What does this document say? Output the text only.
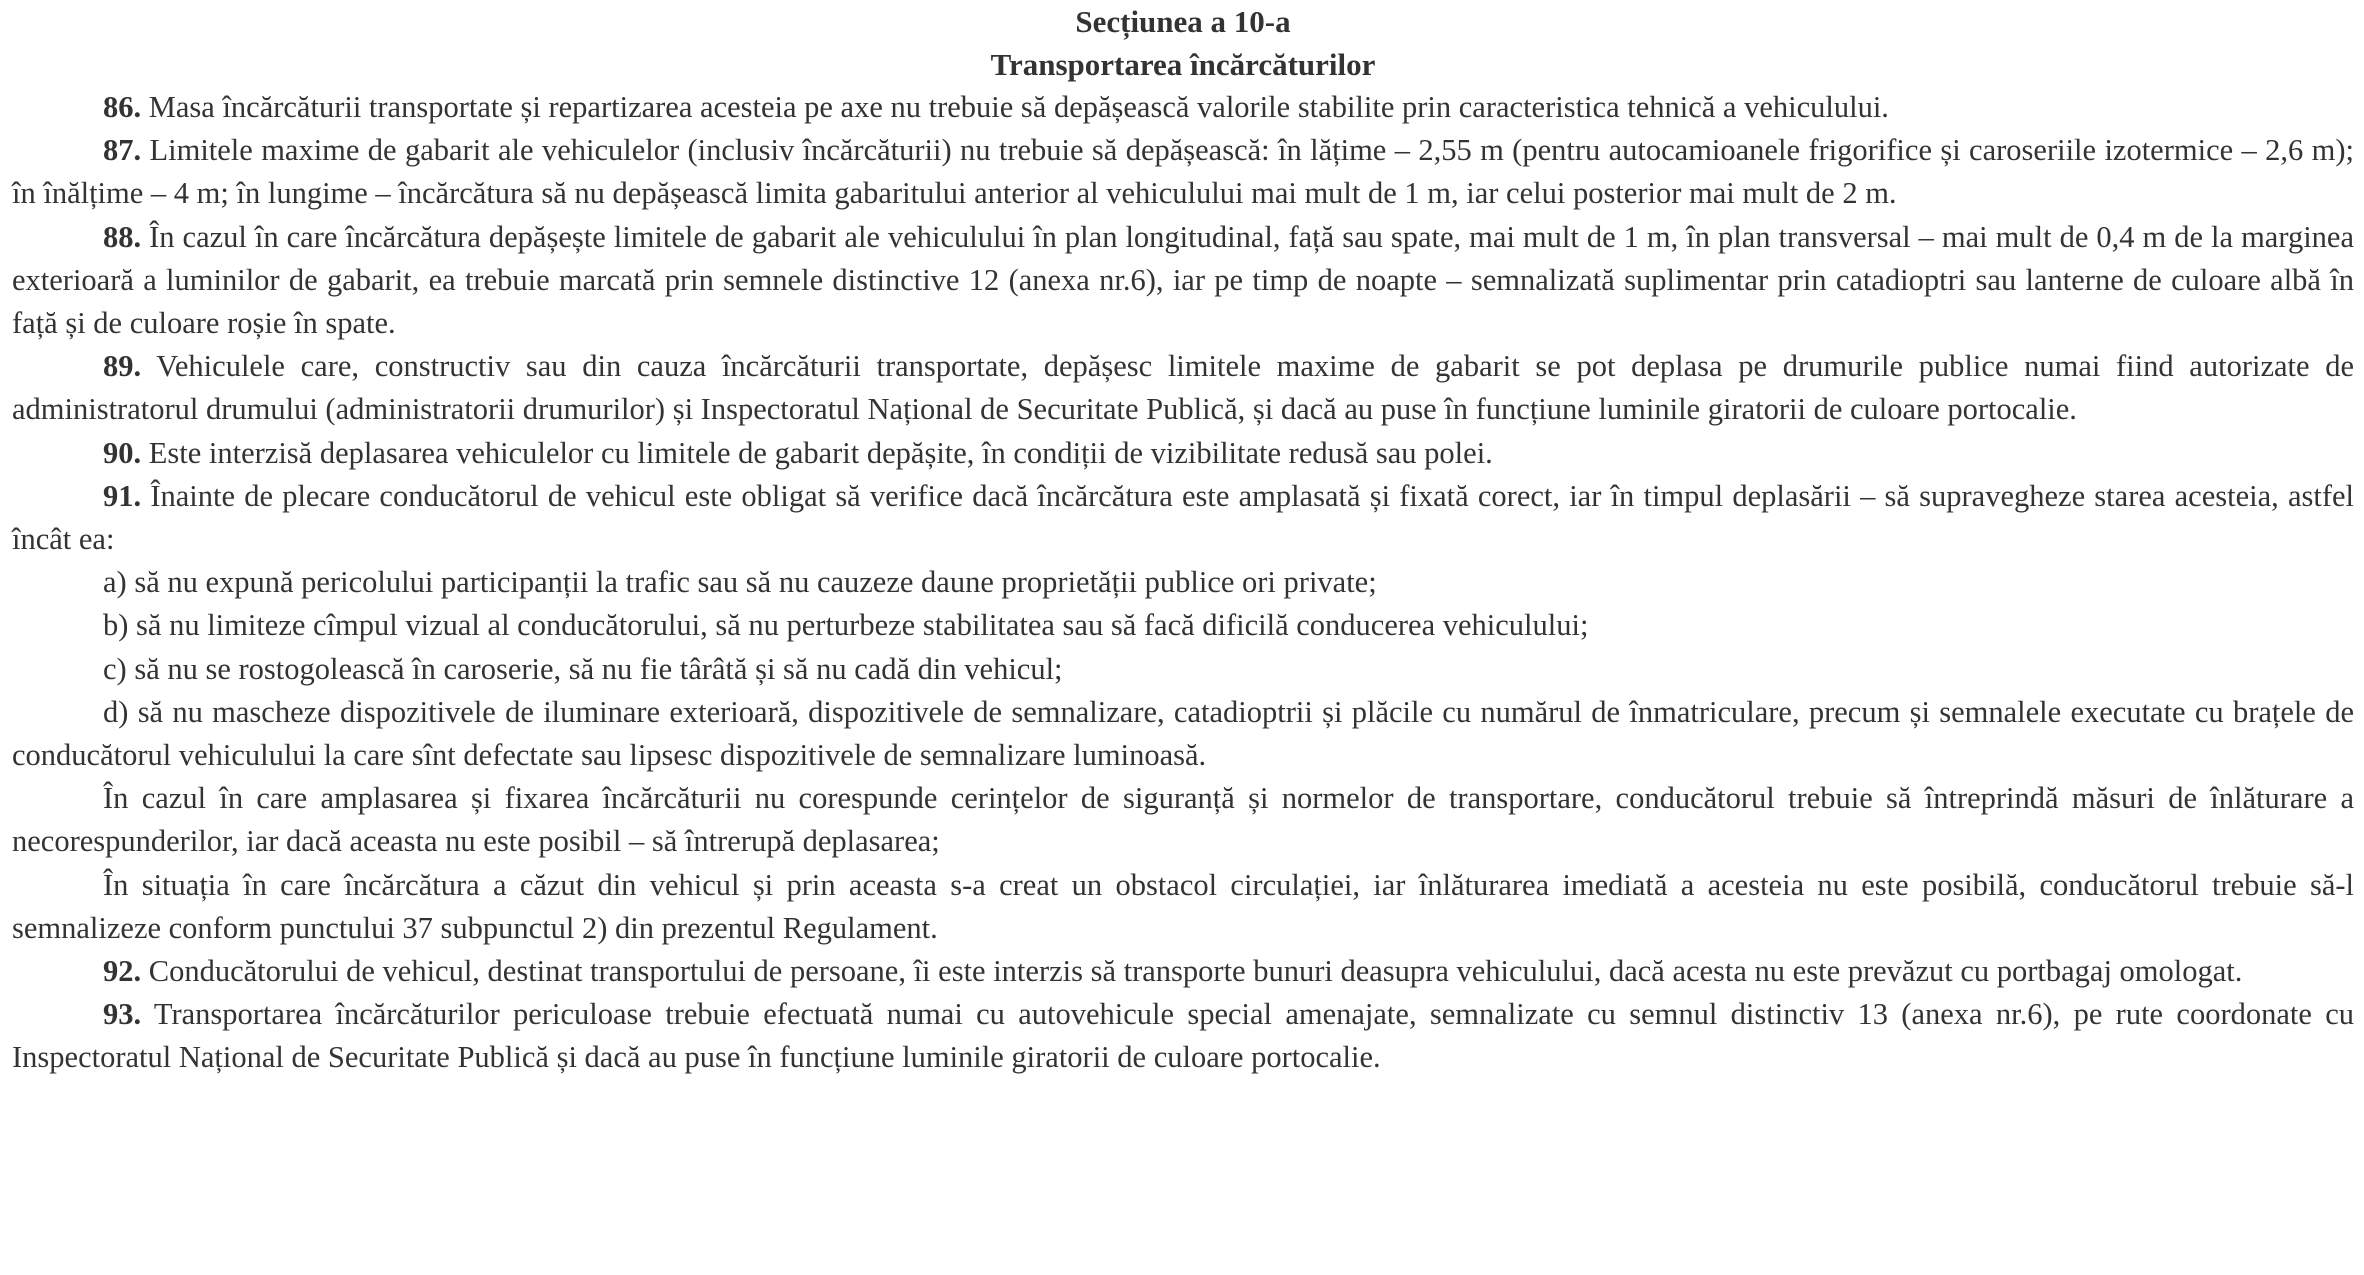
Secțiunea a 10-a
Transportarea încărcăturilor

86. Masa încărcăturii transportate și repartizarea acesteia pe axe nu trebuie să depășească valorile stabilite prin caracteristica tehnică a vehiculului.

87. Limitele maxime de gabarit ale vehiculelor (inclusiv încărcăturii) nu trebuie să depășească: în lățime – 2,55 m (pentru autocamioanele frigorifice și caroseriile izotermice – 2,6 m); în înălțime – 4 m; în lungime – încărcătura să nu depășească limita gabaritului anterior al vehiculului mai mult de 1 m, iar celui posterior mai mult de 2 m.

88. În cazul în care încărcătura depășește limitele de gabarit ale vehiculului în plan longitudinal, față sau spate, mai mult de 1 m, în plan transversal – mai mult de 0,4 m de la marginea exterioară a luminilor de gabarit, ea trebuie marcată prin semnele distinctive 12 (anexa nr.6), iar pe timp de noapte – semnalizată suplimentar prin catadioptri sau lanterne de culoare albă în față și de culoare roșie în spate.

89. Vehiculele care, constructiv sau din cauza încărcăturii transportate, depășesc limitele maxime de gabarit se pot deplasa pe drumurile publice numai fiind autorizate de administratorul drumului (administratorii drumurilor) și Inspectoratul Național de Securitate Publică, și dacă au puse în funcțiune luminile giratorii de culoare portocalie.

90. Este interzisă deplasarea vehiculelor cu limitele de gabarit depășite, în condiții de vizibilitate redusă sau polei.

91. Înainte de plecare conducătorul de vehicul este obligat să verifice dacă încărcătura este amplasată și fixată corect, iar în timpul deplasării – să supravegheze starea acesteia, astfel încât ea:

a) să nu expună pericolului participanții la trafic sau să nu cauzeze daune proprietății publice ori private;

b) să nu limiteze cîmpul vizual al conducătorului, să nu perturbeze stabilitatea sau să facă dificilă conducerea vehiculului;

c) să nu se rostogolească în caroserie, să nu fie târâtă și să nu cadă din vehicul;

d) să nu mascheze dispozitivele de iluminare exterioară, dispozitivele de semnalizare, catadioptrii și plăcile cu numărul de înmatriculare, precum și semnalele executate cu brațele de conducătorul vehiculului la care sînt defectate sau lipsesc dispozitivele de semnalizare luminoasă.

În cazul în care amplasarea și fixarea încărcăturii nu corespunde cerințelor de siguranță și normelor de transportare, conducătorul trebuie să întreprindă măsuri de înlăturare a necorespunderilor, iar dacă aceasta nu este posibil – să întrerupă deplasarea;

În situația în care încărcătura a căzut din vehicul și prin aceasta s-a creat un obstacol circulației, iar înlăturarea imediată a acesteia nu este posibilă, conducătorul trebuie să-l semnalizeze conform punctului 37 subpunctul 2) din prezentul Regulament.

92. Conducătorului de vehicul, destinat transportului de persoane, îi este interzis să transporte bunuri deasupra vehiculului, dacă acesta nu este prevăzut cu portbagaj omologat.

93. Transportarea încărcăturilor periculoase trebuie efectuată numai cu autovehicule special amenajate, semnalizate cu semnul distinctiv 13 (anexa nr.6), pe rute coordonate cu Inspectoratul Național de Securitate Publică și dacă au puse în funcțiune luminile giratorii de culoare portocalie.
